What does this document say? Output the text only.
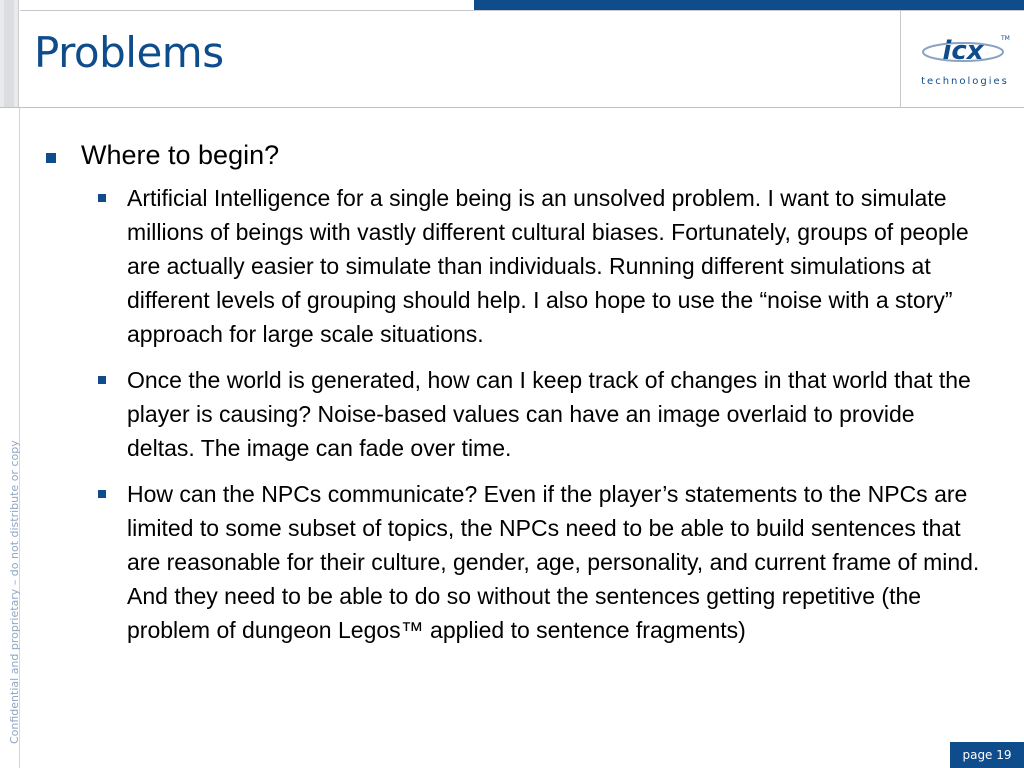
Problems	icx	TM
technologies
Confidential and proprietary – do not distribute or copy
Where to begin?
Artificial Intelligence for a single being is an unsolved problem. I want to simulate millions of beings with vastly different cultural biases. Fortunately, groups of people are actually easier to simulate than individuals. Running different simulations at different levels of grouping should help. I also hope to use the “noise with a story” approach for large scale situations.
Once the world is generated, how can I keep track of changes in that world that the player is causing? Noise-based values can have an image overlaid to provide deltas. The image can fade over time.
How can the NPCs communicate? Even if the player’s statements to the NPCs are limited to some subset of topics, the NPCs need to be able to build sentences that are reasonable for their culture, gender, age, personality, and current frame of mind. And they need to be able to do so without the sentences getting repetitive (the problem of dungeon Legos™ applied to sentence fragments)
page 19
